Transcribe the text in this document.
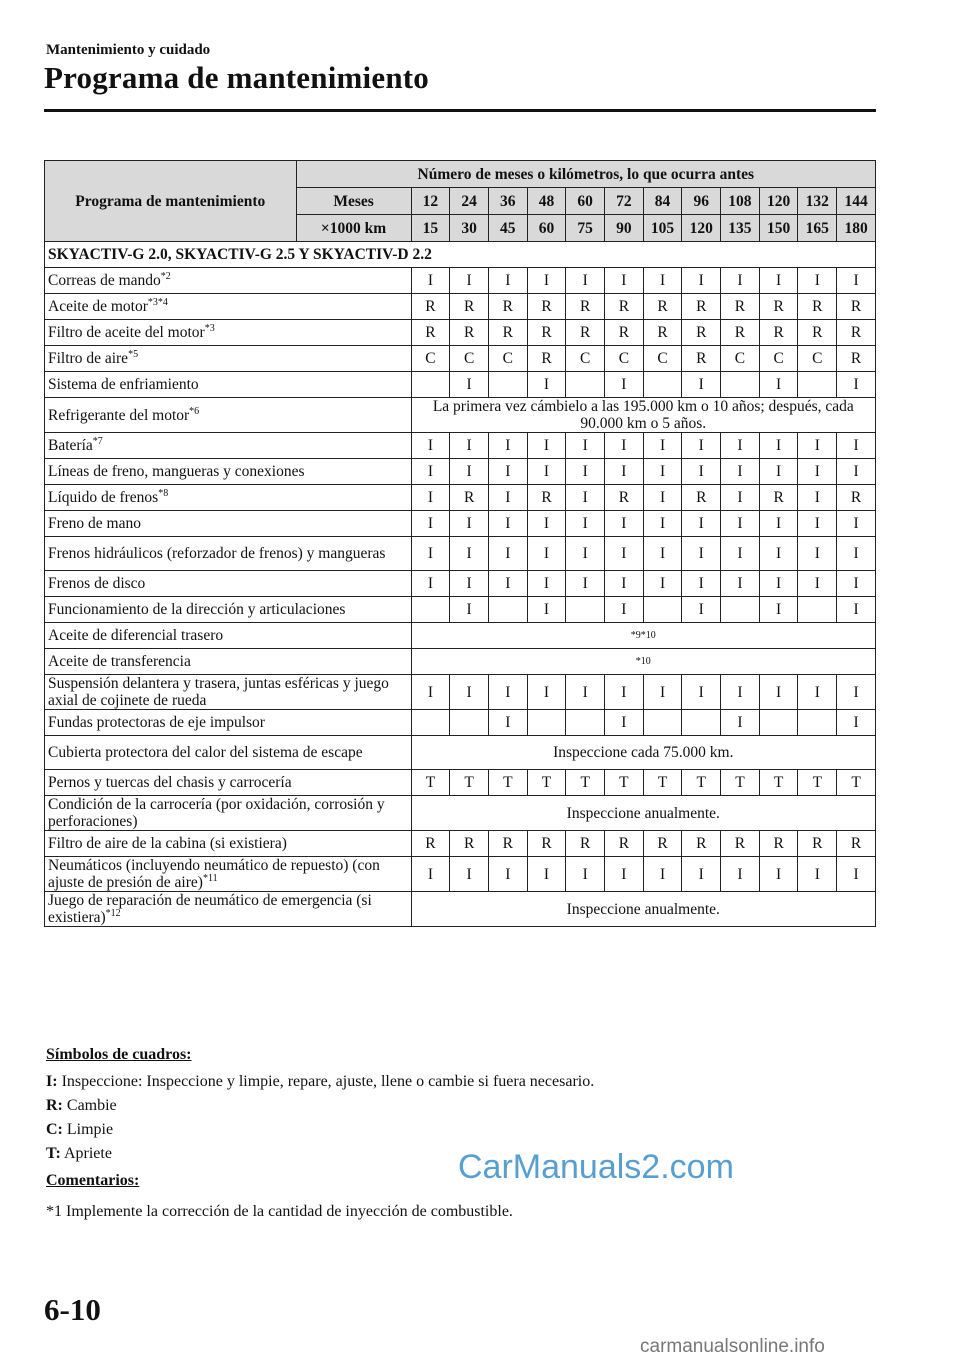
Mantenimiento y cuidado
Programa de mantenimiento
Programa de mantenimiento	Número de meses o kilómetros, lo que ocurra antes												
	Meses	12	24	36	48	60	72	84	96	108	120	132	144
	×1000 km	15	30	45	60	75	90	105	120	135	150	165	180
SKYACTIV-G 2.0, SKYACTIV-G 2.5 Y SKYACTIV-D 2.2													
Correas de mando$^{*2}$		I	I	I	I	I	I	I	I	I	I	I	I
Aceite de motor$^{*3*4}$		R	R	R	R	R	R	R	R	R	R	R	R
Filtro de aceite del motor$^{*3}$		R	R	R	R	R	R	R	R	R	R	R	R
Filtro de aire$^{*5}$		C	C	C	R	C	C	C	R	C	C	C	R
Sistema de enfriamiento			I		I		I		I		I		I
Refrigerante del motor$^{*6}$		La primera vez cámbielo a las 195.000 km o 10 años; después, cada 90.000 km o 5 años.											
Batería$^{*7}$		I	I	I	I	I	I	I	I	I	I	I	I
Líneas de freno, mangueras y conexiones		I	I	I	I	I	I	I	I	I	I	I	I
Líquido de frenos$^{*8}$		I	R	I	R	I	R	I	R	I	R	I	R
Freno de mano		I	I	I	I	I	I	I	I	I	I	I	I
Frenos hidráulicos (reforzador de frenos) y mangueras		I	I	I	I	I	I	I	I	I	I	I	I
Frenos de disco		I	I	I	I	I	I	I	I	I	I	I	I
Funcionamiento de la dirección y articulaciones			I		I		I		I		I		I
Aceite de diferencial trasero		*9*10											
Aceite de transferencia		*10											
Suspensión delantera y trasera, juntas esféricas y juego axial de cojinete de rueda		I	I	I	I	I	I	I	I	I	I	I	I
Fundas protectoras de eje impulsor				I			I			I			I
Cubierta protectora del calor del sistema de escape		Inspeccione cada 75.000 km.											
Pernos y tuercas del chasis y carrocería		T	T	T	T	T	T	T	T	T	T	T	T
Condición de la carrocería (por oxidación, corrosión y perforaciones)		Inspeccione anualmente.											
Filtro de aire de la cabina (si existiera)		R	R	R	R	R	R	R	R	R	R	R	R
Neumáticos (incluyendo neumático de repuesto) (con ajuste de presión de aire)$^{*11}$		I	I	I	I	I	I	I	I	I	I	I	I
Juego de reparación de neumático de emergencia (si existiera)$^{*12}$		Inspeccione anualmente.											
Símbolos de cuadros:
I: Inspeccione: Inspeccione y limpie, repare, ajuste, llene o cambie si fuera necesario.
R: Cambie
C: Limpie
T: Apriete
Comentarios:
*1 Implemente la corrección de la cantidad de inyección de combustible.
CarManuals2.com
6-10
carmanualsonline.info
